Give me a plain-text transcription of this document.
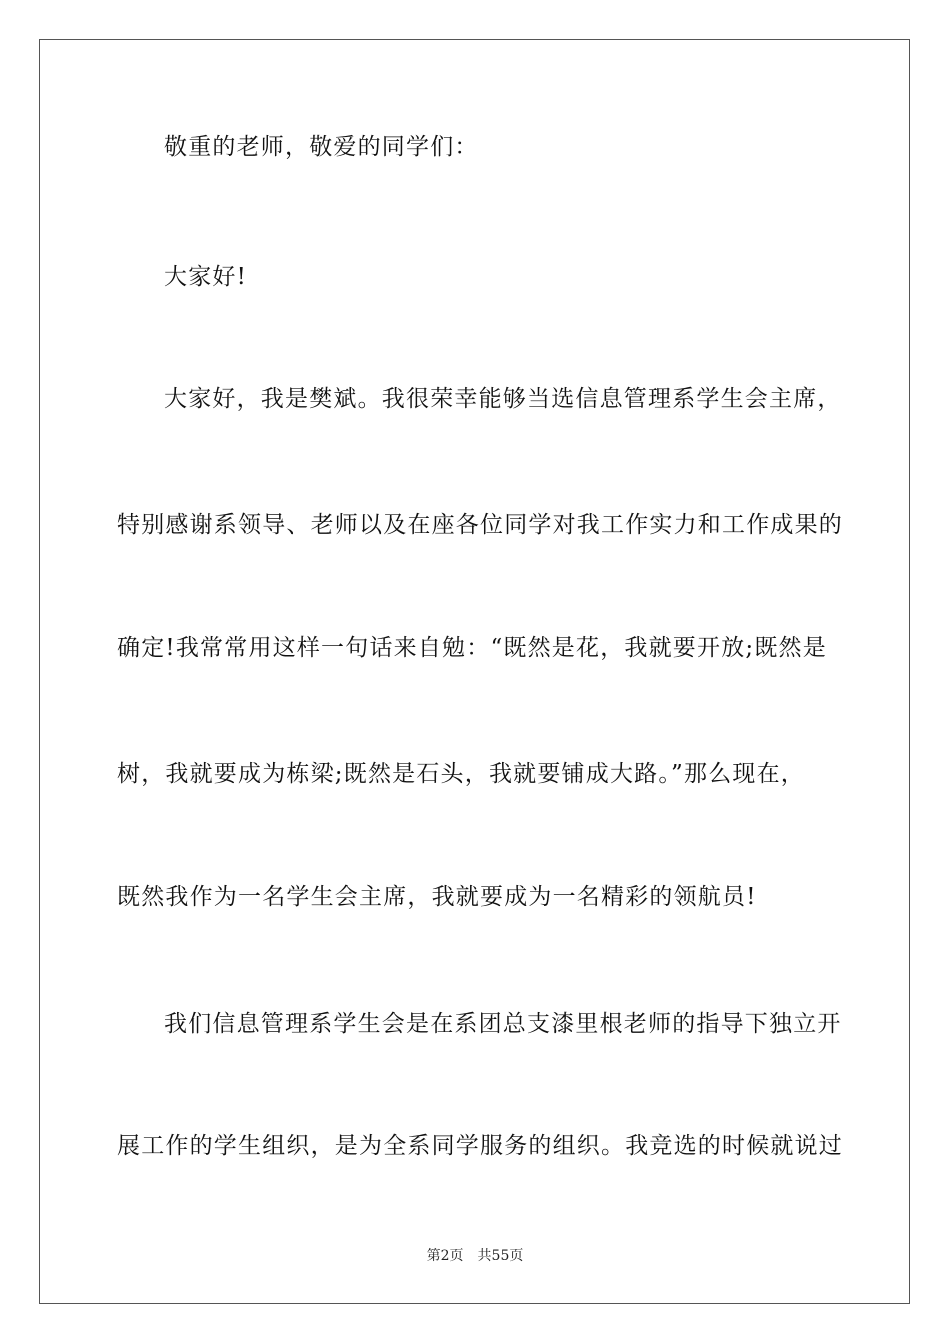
敬重的老师，敬爱的同学们：
大家好!
大家好，我是樊斌。我很荣幸能够当选信息管理系学生会主席，
特别感谢系领导、老师以及在座各位同学对我工作实力和工作成果的
确定!我常常用这样一句话来自勉：“既然是花，我就要开放;既然是
树，我就要成为栋梁;既然是石头，我就要铺成大路。”那么现在，
既然我作为一名学生会主席，我就要成为一名精彩的领航员!
我们信息管理系学生会是在系团总支漆里根老师的指导下独立开
展工作的学生组织，是为全系同学服务的组织。我竞选的时候就说过
第2页 共55页
